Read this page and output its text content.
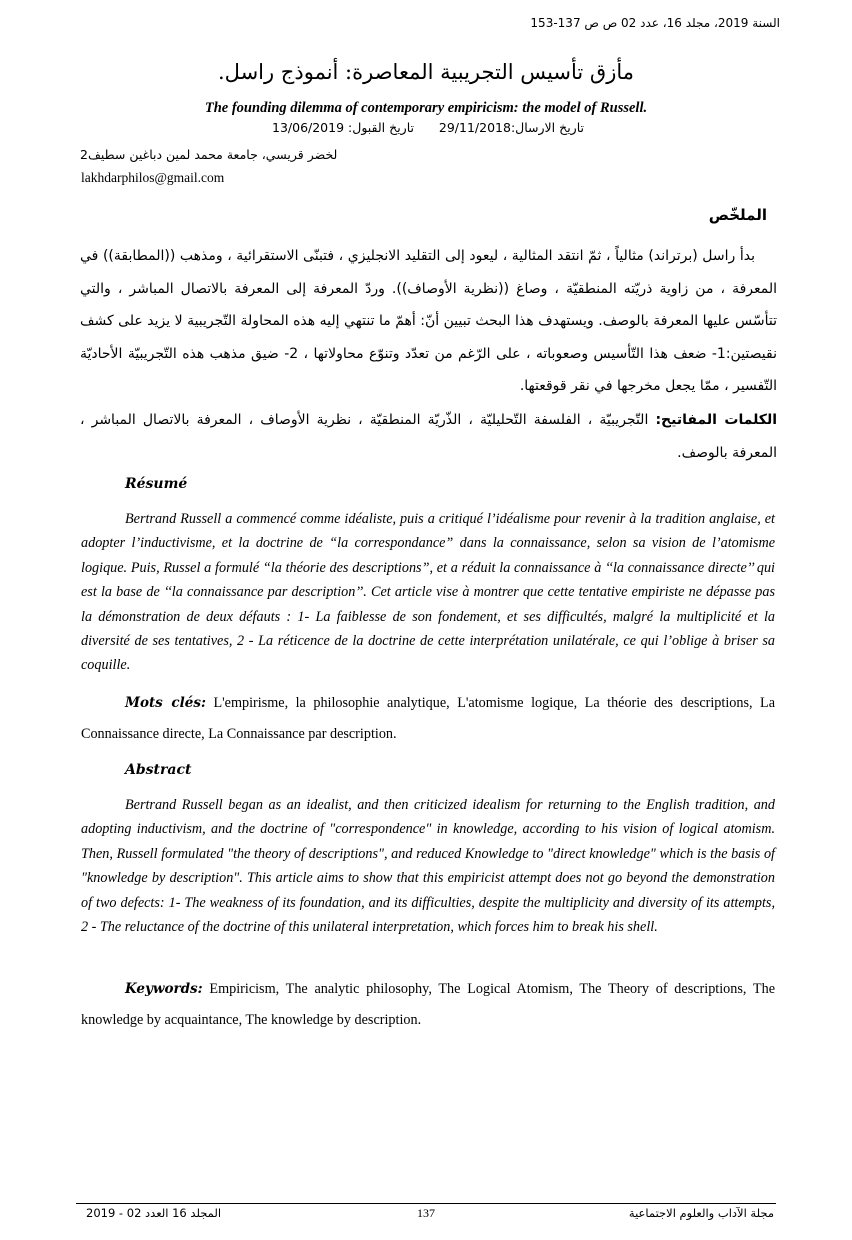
السنة 2019، مجلد 16، عدد 02 ص ص 137-153
مأزق تأسيس التجريبية المعاصرة: أنموذج راسل.
The founding dilemma of contemporary empiricism: the model of Russell.
تاريخ الارسال:29/11/2018
تاريخ القبول: 13/06/2019
لخضر قريسي، جامعة محمد لمين دباغين سطيف2
lakhdarphilos@gmail.com
الملخّص
بدأ راسل (برتراند) مثالياً ، ثمّ انتقد المثالية ، ليعود إلى التقليد الانجليزي ، فتبنّى الاستقرائية ، ومذهب ((المطابقة)) في المعرفة ، من زاوية ذريّته المنطقيّة ، وصاغ ((نظرية الأوصاف)). وردّ المعرفة إلى المعرفة بالاتصال المباشر ، والتي تتأسّس عليها المعرفة بالوصف. ويستهدف هذا البحث تبيين أنّ: أهمّ ما تنتهي إليه هذه المحاولة التّجريبية لا يزيد على كشف نقيصتين:1- ضعف هذا التّأسيس وصعوباته ، على الرّغم من تعدّد وتنوّع محاولاتها ، 2- ضيق مذهب هذه التّجريبيّة الأحاديّة التّفسير ، ممّا يجعل مخرجها في نقر قوقعتها.
الكلمات المفاتيح: التّجريبيّة ، الفلسفة التّحليليّة ، الذّريّة المنطقيّة ، نظرية الأوصاف ، المعرفة بالاتصال المباشر ، المعرفة بالوصف.
Résumé
Bertrand Russell a commencé comme idéaliste, puis a critiqué l’idéalisme pour revenir à la tradition anglaise, et adopter l’inductivisme, et la doctrine de “la correspondance” dans la connaissance, selon sa vision de l’atomisme logique. Puis, Russel a formulé “la théorie des descriptions”, et a réduit la connaissance à ‘‘la connaissance directe’’ qui est la base de ‘‘la connaissance par description’’. Cet article vise à montrer que cette tentative empiriste ne dépasse pas la démonstration de deux défauts : 1- La faiblesse de son fondement, et ses difficultés, malgré la multiplicité et la diversité de ses tentatives, 2 - La réticence de la doctrine de cette interprétation unilatérale, ce qui l’oblige à briser sa coquille.
Mots clés: L'empirisme, la philosophie analytique, L'atomisme logique, La théorie des descriptions, La Connaissance directe, La Connaissance par description.
Abstract
Bertrand Russell began as an idealist, and then criticized idealism for returning to the English tradition, and adopting inductivism, and the doctrine of "correspondence" in knowledge, according to his vision of logical atomism. Then, Russell formulated "the theory of descriptions", and reduced Knowledge to "direct knowledge" which is the basis of "knowledge by description". This article aims to show that this empiricist attempt does not go beyond the demonstration of two defects: 1- The weakness of its foundation, and its difficulties, despite the multiplicity and diversity of its attempts, 2 - The reluctance of the doctrine of this unilateral interpretation, which forces him to break his shell.
Keywords: Empiricism, The analytic philosophy, The Logical Atomism, The Theory of descriptions, The knowledge by acquaintance, The knowledge by description.
المجلد 16 العدد 02 - 2019	137	مجلة الآداب والعلوم الاجتماعية
